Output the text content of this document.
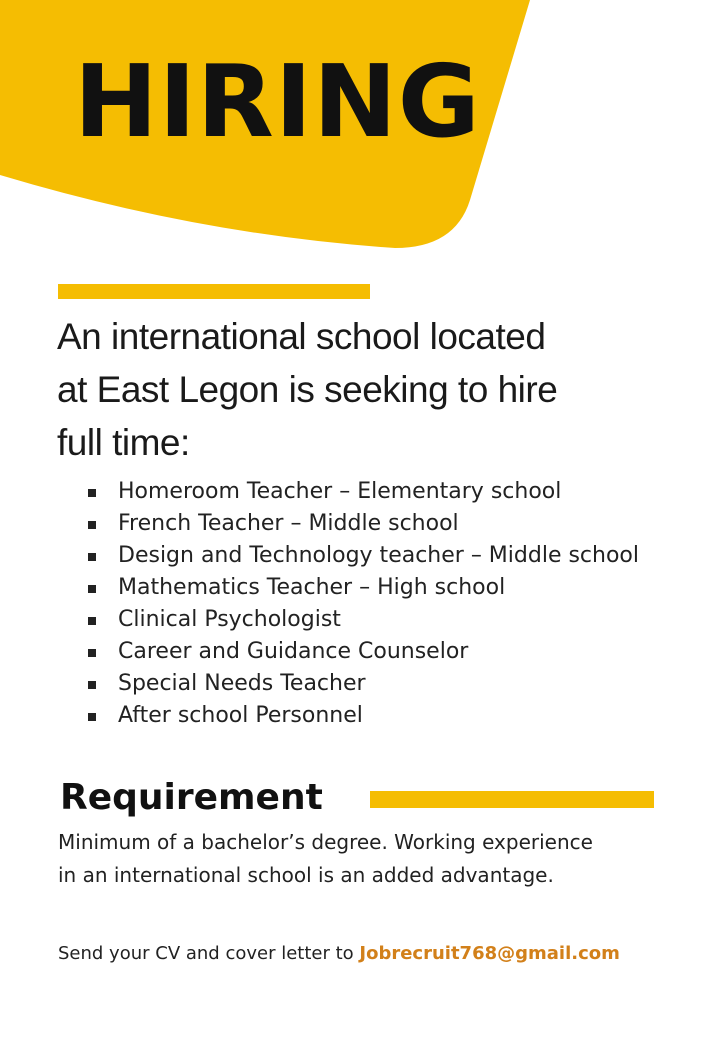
HIRING

An international school located
at East Legon is seeking to hire
full time:

Homeroom Teacher – Elementary school
French Teacher – Middle school
Design and Technology teacher – Middle school
Mathematics Teacher – High school
Clinical Psychologist
Career and Guidance Counselor
Special Needs Teacher
After school Personnel
Requirement

Minimum of a bachelor’s degree. Working experience
in an international school is an added advantage.

Send your CV and cover letter to Jobrecruit768@gmail.com
